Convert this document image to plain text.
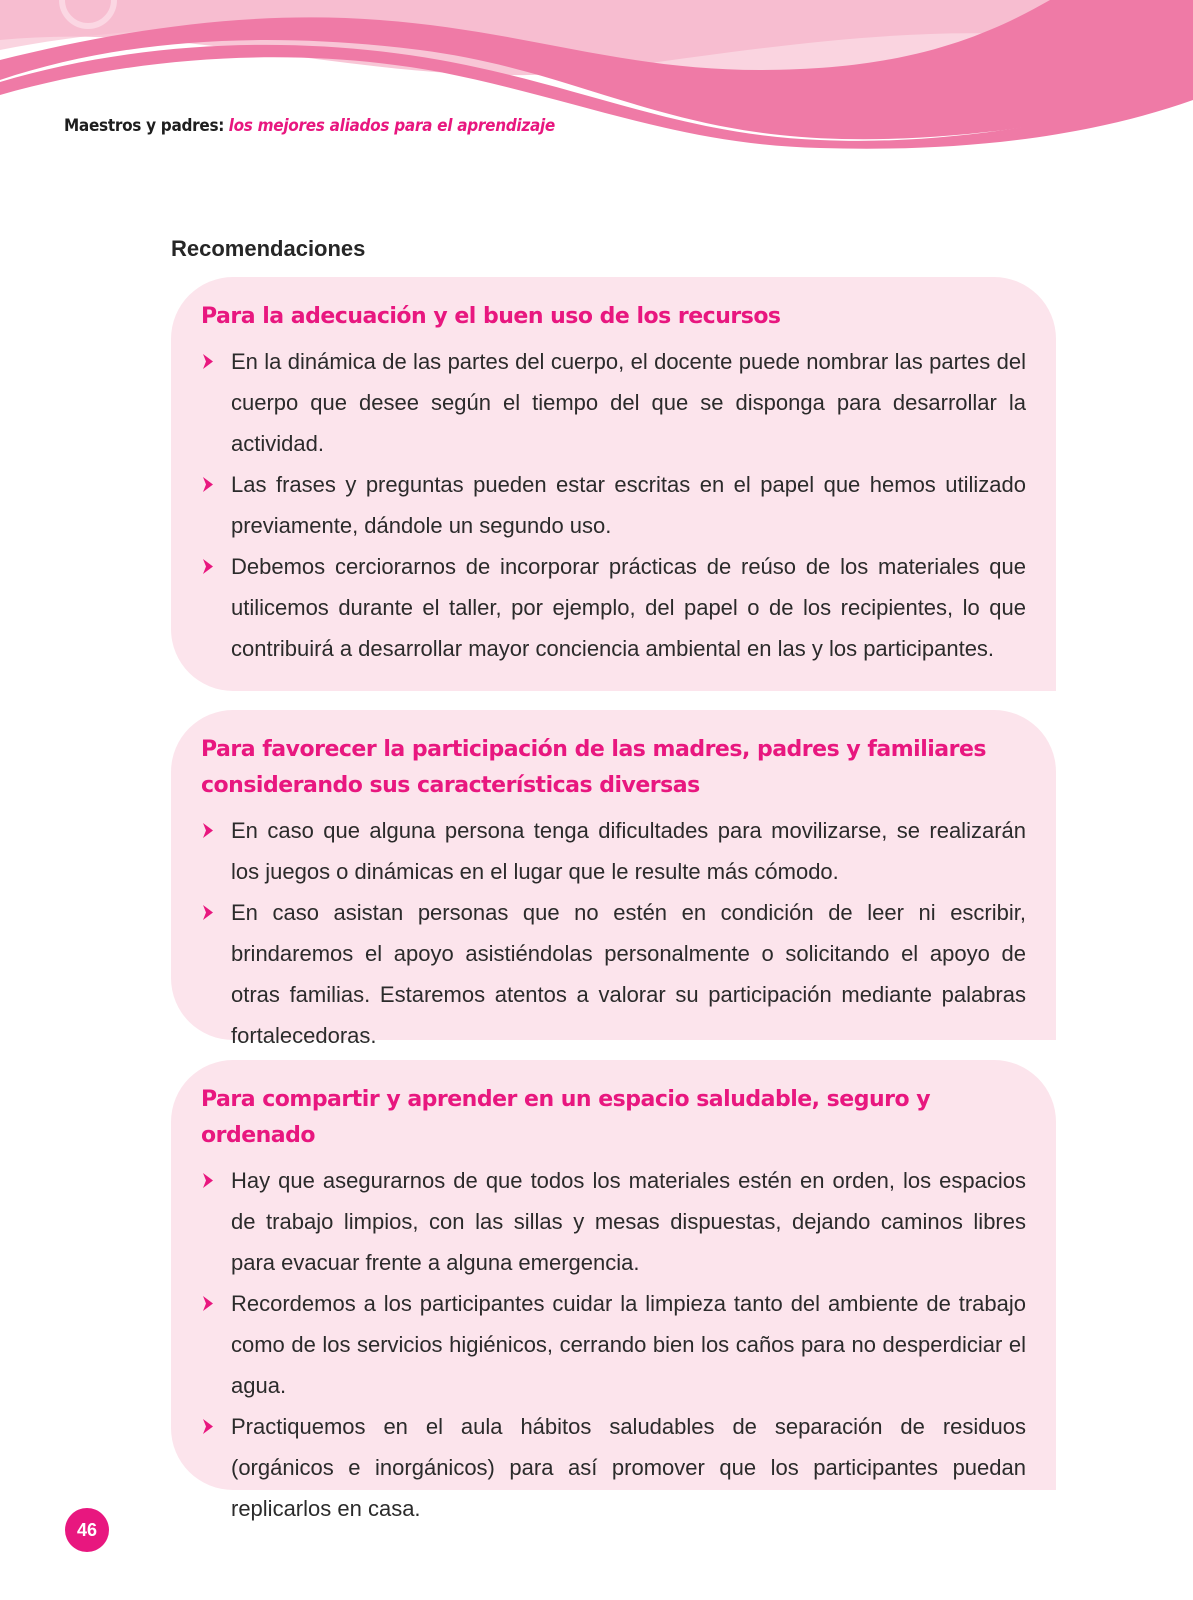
Maestros y padres: los mejores aliados para el aprendizaje
Recomendaciones
Para la adecuación y el buen uso de los recursos
En la dinámica de las partes del cuerpo, el docente puede nombrar las partes del cuerpo que desee según el tiempo del que se disponga para desarrollar la actividad.
Las frases y preguntas pueden estar escritas en el papel que hemos utilizado previamente, dándole un segundo uso.
Debemos cerciorarnos de incorporar prácticas de reúso de los materiales que utilicemos durante el taller, por ejemplo, del papel o de los recipientes, lo que contribuirá a desarrollar mayor conciencia ambiental en las y los participantes.
Para favorecer la participación de las madres, padres y familiares considerando sus características diversas
En caso que alguna persona tenga dificultades para movilizarse, se realizarán los juegos o dinámicas en el lugar que le resulte más cómodo.
En caso asistan personas que no estén en condición de leer ni escribir, brindaremos el apoyo asistiéndolas personalmente o solicitando el apoyo de otras familias. Estaremos atentos a valorar su participación mediante palabras fortalecedoras.
Para compartir y aprender en un espacio saludable, seguro y ordenado
Hay que asegurarnos de que todos los materiales estén en orden, los espacios de trabajo limpios, con las sillas y mesas dispuestas, dejando caminos libres para evacuar frente a alguna emergencia.
Recordemos a los participantes cuidar la limpieza tanto del ambiente de trabajo como de los servicios higiénicos, cerrando bien los caños para no desperdiciar el agua.
Practiquemos en el aula hábitos saludables de separación de residuos (orgánicos e inorgánicos) para así promover que los participantes puedan replicarlos en casa.
46
